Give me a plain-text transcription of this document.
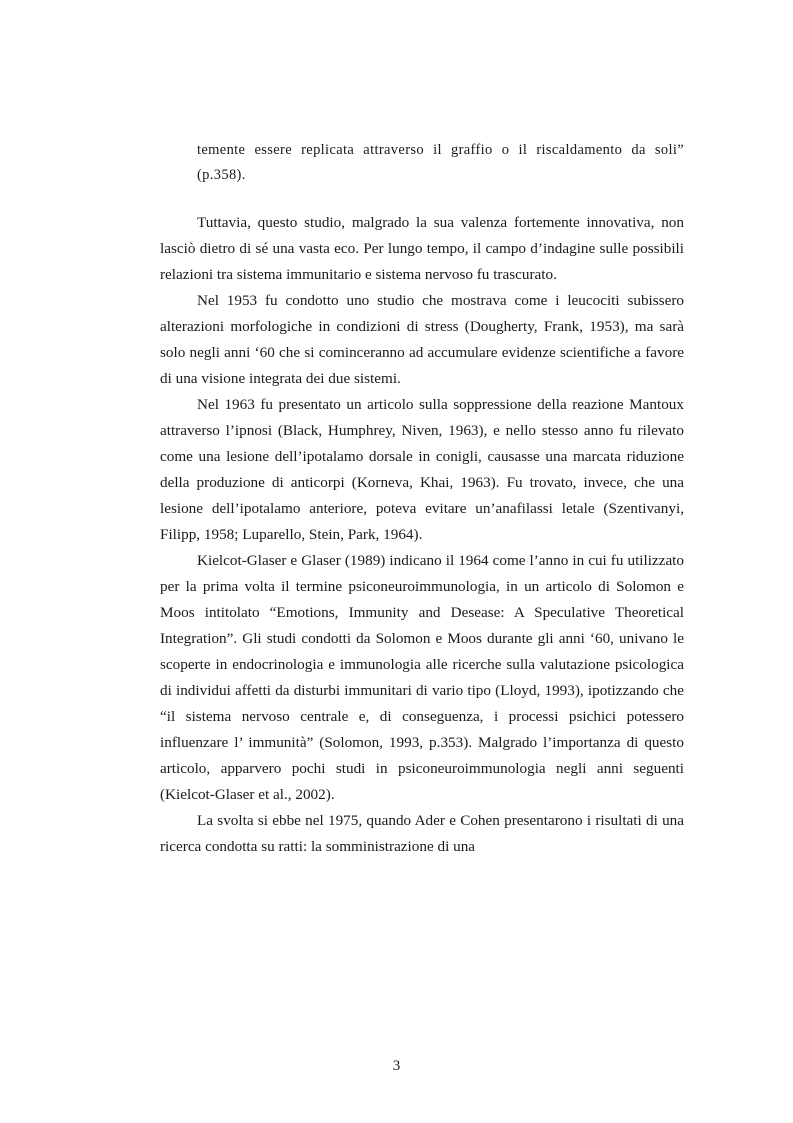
temente essere replicata attraverso il graffio o il riscaldamento da soli” (p.358).

Tuttavia, questo studio, malgrado la sua valenza fortemente innovativa, non lasciò dietro di sé una vasta eco. Per lungo tempo, il campo d’indagine sulle possibili relazioni tra sistema immunitario e sistema nervoso fu trascurato.

Nel 1953 fu condotto uno studio che mostrava come i leucociti subissero alterazioni morfologiche in condizioni di stress (Dougherty, Frank, 1953), ma sarà solo negli anni ‘60 che si cominceranno ad accumulare evidenze scientifiche a favore di una visione integrata dei due sistemi.

Nel 1963 fu presentato un articolo sulla soppressione della reazione Mantoux attraverso l’ipnosi (Black, Humphrey, Niven, 1963), e nello stesso anno fu rilevato come una lesione dell’ipotalamo dorsale in conigli, causasse una marcata riduzione della produzione di anticorpi (Korneva, Khai, 1963). Fu trovato, invece, che una lesione dell’ipotalamo anteriore, poteva evitare un’anafilassi letale (Szentivanyi, Filipp, 1958; Luparello, Stein, Park, 1964).

Kielcot-Glaser e Glaser (1989) indicano il 1964 come l’anno in cui fu utilizzato per la prima volta il termine psiconeuroimmunologia, in un articolo di Solomon e Moos intitolato “Emotions, Immunity and Desease: A Speculative Theoretical Integration”. Gli studi condotti da Solomon e Moos durante gli anni ‘60, univano le scoperte in endocrinologia e immunologia alle ricerche sulla valutazione psicologica di individui affetti da disturbi immunitari di vario tipo (Lloyd, 1993), ipotizzando che “il sistema nervoso centrale e, di conseguenza, i processi psichici potessero influenzare l’ immunità” (Solomon, 1993, p.353). Malgrado l’importanza di questo articolo, apparvero pochi studi in psiconeuroimmunologia negli anni seguenti (Kielcot-Glaser et al., 2002).

La svolta si ebbe nel 1975, quando Ader e Cohen presentarono i risultati di una ricerca condotta su ratti: la somministrazione di una

3
